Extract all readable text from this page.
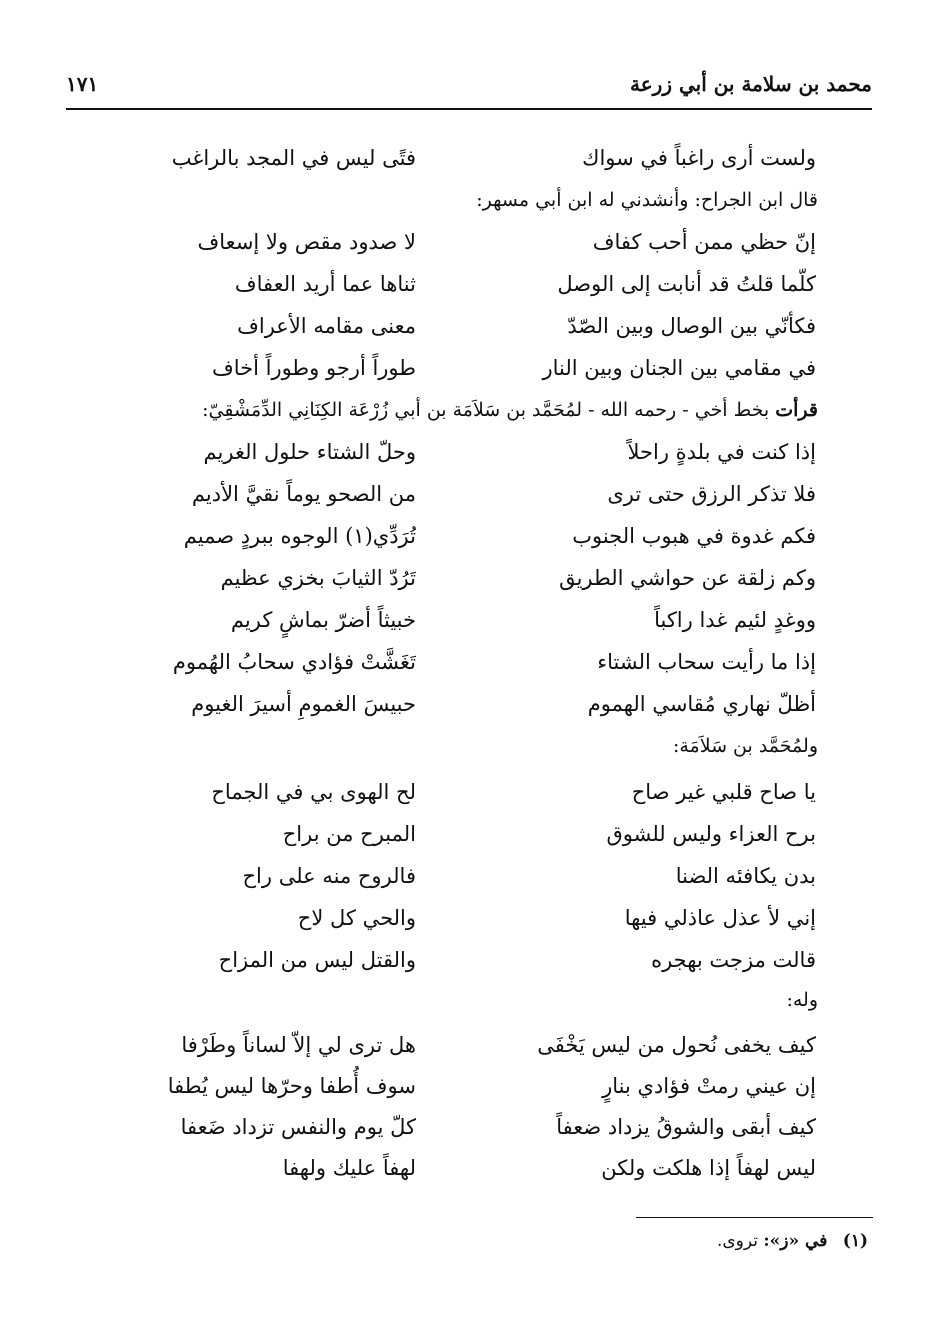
محمد بن سلامة بن أبي زرعة
١٧١
ولست أرى راغباً في سواك
فتًى ليس في المجد بالراغب
قال ابن الجراح: وأنشدني له ابن أبي مسهر:
إنّ حظي ممن أحب كفاف
لا صدود مقص ولا إسعاف
كلّما قلتُ قد أنابت إلى الوصل
ثناها عما أريد العفاف
فكأنّي بين الوصال وبين الصّدّ
معنى مقامه الأعراف
في مقامي بين الجنان وبين النار
طوراً أرجو وطوراً أخاف
قرأت بخط أخي - رحمه الله - لمُحَمَّد بن سَلاَمَة بن أبي زُرْعَة الكِنَانِي الدِّمَشْقِيّ:
إذا كنت في بلدةٍ راحلاً
وحلّ الشتاء حلول الغريم
فلا تذكر الرزق حتى ترى
من الصحو يوماً نقيَّ الأديم
فكم غدوة في هبوب الجنوب
تُرَدِّي(١) الوجوه ببردٍ صميم
وكم زلقة عن حواشي الطريق
تَرُدّ الثيابَ بخزي عظيم
ووغدٍ لئيم غدا راكباً
خبيثاً أضرّ بماشٍ كريم
إذا ما رأيت سحاب الشتاء
تَغَشَّتْ فؤادي سحابُ الهُموم
أظلّ نهاري مُقاسي الهموم
حبيسَ الغمومِ أسيرَ الغيوم
ولمُحَمَّد بن سَلاَمَة:
يا صاح قلبي غير صاح
لح الهوى بي في الجماح
برح العزاء وليس للشوق
المبرح من براح
بدن يكافئه الضنا
فالروح منه على راح
إني لأ عذل عاذلي فيها
والحي كل لاح
قالت مزجت بهجره
والقتل ليس من المزاح
وله:
كيف يخفى نُحول من ليس يَخْفَى
هل ترى لي إلاّ لساناً وطَرْفا
إن عيني رمتْ فؤادي بنارٍ
سوف أُطفا وحرّها ليس يُطفا
كيف أبقى والشوقُ يزداد ضعفاً
كلّ يوم والنفس تزداد ضَعفا
ليس لهفاً إذا هلكت ولكن
لهفاً عليك ولهفا
(١) في «ز»: تروى.
